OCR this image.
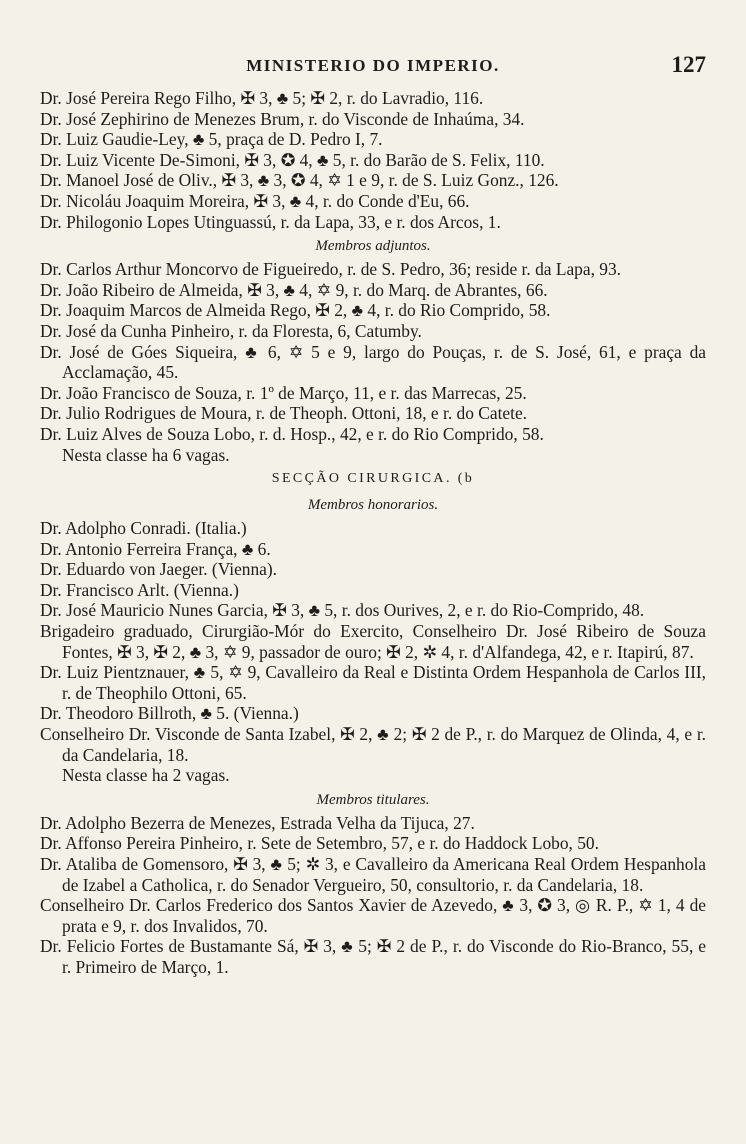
MINISTERIO DO IMPERIO.	127

Dr. José Pereira Rego Filho, ✠ 3, ♣ 5; ✠ 2, r. do Lavradio, 116.

Dr. José Zephirino de Menezes Brum, r. do Visconde de Inhaúma, 34.

Dr. Luiz Gaudie-Ley, ♣ 5, praça de D. Pedro I, 7.

Dr. Luiz Vicente De-Simoni, ✠ 3, ✪ 4, ♣ 5, r. do Barão de S. Felix, 110.

Dr. Manoel José de Oliv., ✠ 3, ♣ 3, ✪ 4, ✡ 1 e 9, r. de S. Luiz Gonz., 126.

Dr. Nicoláu Joaquim Moreira, ✠ 3, ♣ 4, r. do Conde d'Eu, 66.

Dr. Philogonio Lopes Utinguassú, r. da Lapa, 33, e r. dos Arcos, 1.

Membros adjuntos.

Dr. Carlos Arthur Moncorvo de Figueiredo, r. de S. Pedro, 36; reside r. da Lapa, 93.

Dr. João Ribeiro de Almeida, ✠ 3, ♣ 4, ✡ 9, r. do Marq. de Abrantes, 66.

Dr. Joaquim Marcos de Almeida Rego, ✠ 2, ♣ 4, r. do Rio Comprido, 58.

Dr. José da Cunha Pinheiro, r. da Floresta, 6, Catumby.

Dr. José de Góes Siqueira, ♣ 6, ✡ 5 e 9, largo do Pouças, r. de S. José, 61, e praça da Acclamação, 45.

Dr. João Francisco de Souza, r. 1º de Março, 11, e r. das Marrecas, 25.

Dr. Julio Rodrigues de Moura, r. de Theoph. Ottoni, 18, e r. do Catete.

Dr. Luiz Alves de Souza Lobo, r. d. Hosp., 42, e r. do Rio Comprido, 58.

Nesta classe ha 6 vagas.

SECÇÃO CIRURGICA. (b

Membros honorarios.

Dr. Adolpho Conradi. (Italia.)

Dr. Antonio Ferreira França, ♣ 6.

Dr. Eduardo von Jaeger. (Vienna).

Dr. Francisco Arlt. (Vienna.)

Dr. José Mauricio Nunes Garcia, ✠ 3, ♣ 5, r. dos Ourives, 2, e r. do Rio-Comprido, 48.

Brigadeiro graduado, Cirurgião-Mór do Exercito, Conselheiro Dr. José Ribeiro de Souza Fontes, ✠ 3, ✠ 2, ♣ 3, ✡ 9, passador de ouro; ✠ 2, ✲ 4, r. d'Alfandega, 42, e r. Itapirú, 87.

Dr. Luiz Pientznauer, ♣ 5, ✡ 9, Cavalleiro da Real e Distinta Ordem Hespanhola de Carlos III, r. de Theophilo Ottoni, 65.

Dr. Theodoro Billroth, ♣ 5. (Vienna.)

Conselheiro Dr. Visconde de Santa Izabel, ✠ 2, ♣ 2; ✠ 2 de P., r. do Marquez de Olinda, 4, e r. da Candelaria, 18.

Nesta classe ha 2 vagas.

Membros titulares.

Dr. Adolpho Bezerra de Menezes, Estrada Velha da Tijuca, 27.

Dr. Affonso Pereira Pinheiro, r. Sete de Setembro, 57, e r. do Haddock Lobo, 50.

Dr. Ataliba de Gomensoro, ✠ 3, ♣ 5; ✲ 3, e Cavalleiro da Americana Real Ordem Hespanhola de Izabel a Catholica, r. do Senador Vergueiro, 50, consultorio, r. da Candelaria, 18.

Conselheiro Dr. Carlos Frederico dos Santos Xavier de Azevedo, ♣ 3, ✪ 3, ◎ R. P., ✡ 1, 4 de prata e 9, r. dos Invalidos, 70.

Dr. Felicio Fortes de Bustamante Sá, ✠ 3, ♣ 5; ✠ 2 de P., r. do Visconde do Rio-Branco, 55, e r. Primeiro de Março, 1.
